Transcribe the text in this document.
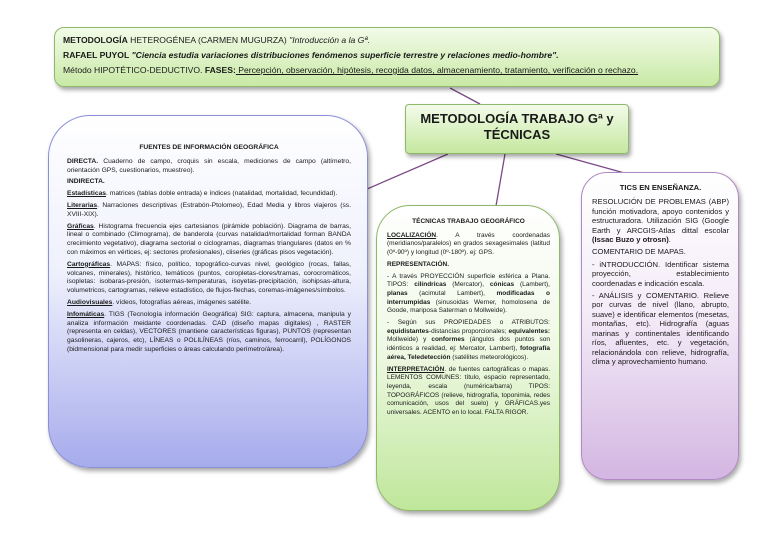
METODOLOGÍA HETEROGÉNEA (CARMEN MUGURZA) "Introducción a la Gª.

RAFAEL PUYOL "Ciencia estudia variaciones distribuciones fenómenos superficie terrestre y relaciones medio-hombre".

Método HIPOTÉTICO-DEDUCTIVO. FASES: Percepción, observación, hipótesis, recogida datos, almacenamiento, tratamiento, verificación o rechazo.

METODOLOGÍA TRABAJO Gª y TÉCNICAS
FUENTES DE INFORMACIÓN GEOGRÁFICA

DIRECTA. Cuaderno de campo, croquis sin escala, mediciones de campo (altímetro, orientación GPS, cuestionarios, muestreo).

INDIRECTA.

Estadísticas. matrices (tablas doble entrada) e índices (natalidad, mortalidad, fecundidad).

Literarias. Narraciones descriptivas (Estrabón-Ptolomeo), Edad Media y libros viajeros (ss. XVIII-XIX).

Gráficas. Histograma frecuencia ejes cartesianos (pirámide población). Diagrama de barras, lineal o combinado (Climograma), de banderola (curvas natalidad/mortalidad forman BANDA crecimiento vegetativo), diagrama sectorial o ciclogramas, diagramas triangulares (datos en % con máximos en vértices, ej: sectores profesionales), cliseries (gráficas pisos vegetación).

Cartográficas. MAPAS: físico, político, topográfico-curvas nivel, geológico (rocas, fallas, volcanes, minerales), histórico, temáticos (puntos, coropletas-clores/tramas, corocromáticos, isopletas: isobaras-presión, isotermas-temperaturas, isoyetas-precipitación, isohipsas-altura, volumetricos, cartogramas, relieve estadístico, de flujos-flechas, coremas-imágenes/símbolos.

Audiovisuales. vídeos, fotografías aéreas, imágenes satélite.

Infomáticas. TIGS (Tecnología información Geográfica) SIG: captura, almacena, manipula y analiza información meidante coordenadas. CAD (diseño mapas digitales) , RASTER (representa en celdas), VECTORES (mantiene características figuras), PUNTOS (representan gasolineras, cajeros, etc), LÍNEAS o POLILÍNEAS (ríos, caminos, ferrocarril), POLÍGONOS (bidmensional para medir superficies o áreas calculando perímetro/área).

TÉCNICAS TRABAJO GEOGRÁFICO

LOCALIZACIÓN. A través coordenadas (meridianos/paralelos) en grados sexagesimales (latitud (0º-90º) y longitud (0º-180º). ej: GPS.

REPRESENTACIÓN.

- A través PROYECCIÓN superficie esférica a Plana. TIPOS: cilíndricas (Mercator), cónicas (Lambert), planas (acimutal Lambert), modificadas o interrumpidas (sinusoidas Werner, homolosena de Goode, mariposa Saterman o Mollweide).

- Según sus PROPIEDADES o ATRIBUTOS: equidistantes-distancias proporcionales; equivalentes: Mollweide) y conformes (ángulos dos puntos son idénticos a realidad, ej: Mercator, Lambert), fotografía aérea, Teledetección (satélites meteorológicos).

INTERPRETACIÓN. de fuentes cartográficas o mapas. LEMENTOS COMUNES: título, espacio representado, leyenda, escala (numérica/barra) TIPOS: TOPOGRÁFICOS (relieve, hidrografía, toponimia, redes comunicación, usos del suelo) y GRÁFICAS.yes universales. ACENTO en lo local. FALTA RIGOR.

TICS EN ENSEÑANZA.

RESOLUCIÓN DE PROBLEMAS (ABP) función motivadora, apoyo contenidos y estructuradora. Utilización SIG (Google Earth y ARCGIS-Atlas dittal escolar (Issac Buzo y otrosn).

COMENTARIO DE MAPAS.

- iNTRODUCCIÓN. Identificar sistema proyección, establecimiento coordenadas e indicación escala.

- ANÁLISIS y COMENTARIO. Relieve por curvas de nivel (llano, abrupto, suave) e identificar elementos (mesetas, montañas, etc). Hidrografía (aguas marinas y continentales identificando ríos, afluentes, etc. y vegetación, relacionándola con relieve, hidrografía, clima y aprovechamiento humano.
